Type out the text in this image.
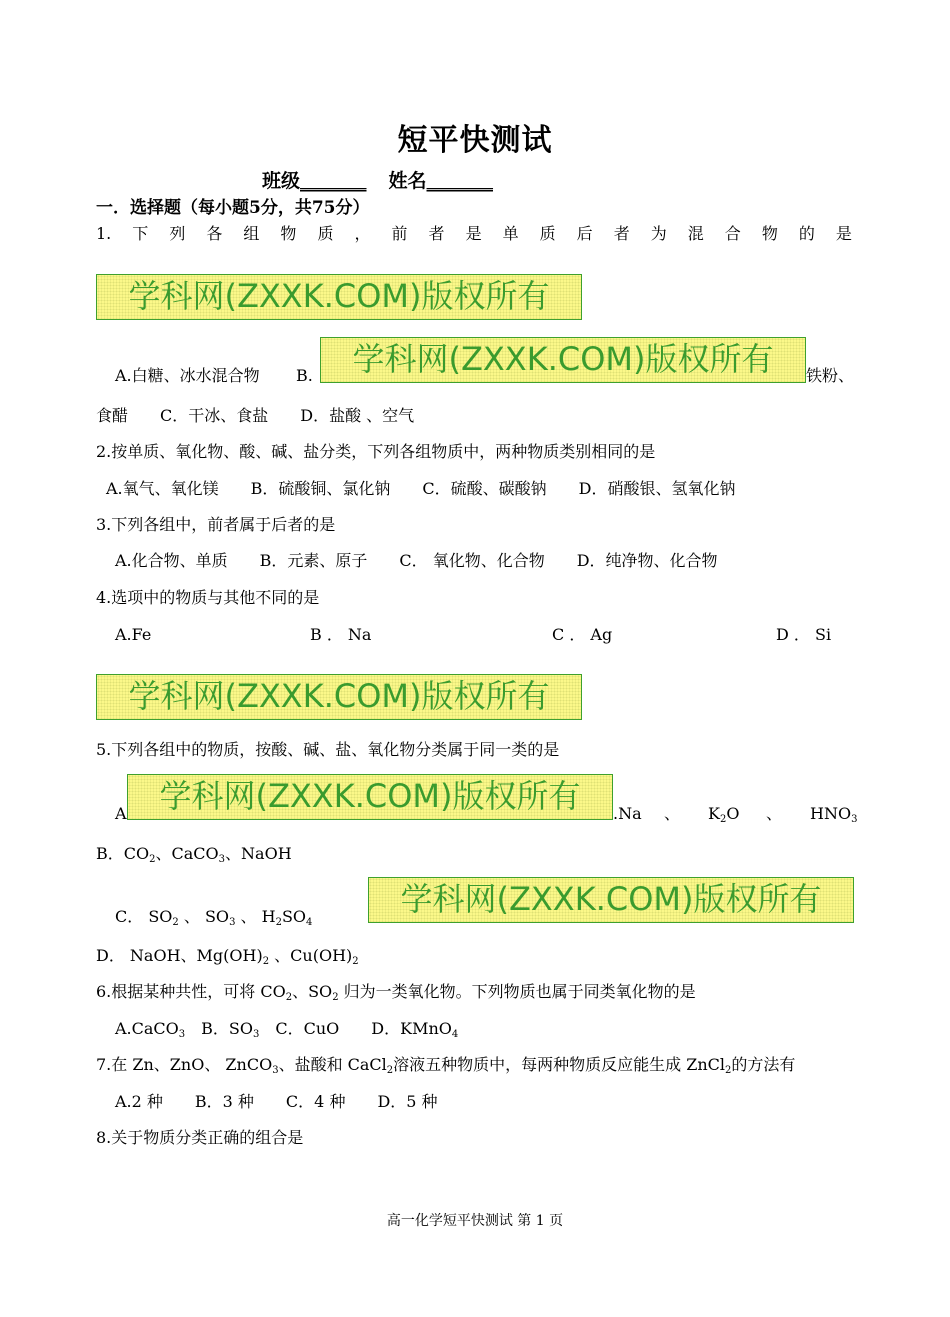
短平快测试
班级_______ 姓名_______
一．选择题（每小题5分，共75分）
1. 下 列 各 组 物 质 ， 前 者 是 单 质 后 者 为 混 合 物 的 是
学科网(ZXXK.COM)版权所有
A.白糖、冰水混合物 B.	学科网(ZXXK.COM)版权所有	铁粉、
食醋　　C．干冰、食盐　　D．盐酸 、空气
2.按单质、氧化物、酸、碱、盐分类，下列各组物质中，两种物质类别相同的是
A.氧气、氧化镁　　B．硫酸铜、氯化钠　　C．硫酸、碳酸钠　　D．硝酸银、氢氧化钠
3.下列各组中，前者属于后者的是
A.化合物、单质　　B．元素、原子　　C． 氧化物、化合物　　D．纯净物、化合物
4.选项中的物质与其他不同的是
A.Fe	B ． Na	C ． Ag	D ． Si
学科网(ZXXK.COM)版权所有
5.下列各组中的物质，按酸、碱、盐、氧化物分类属于同一类的是
A	学科网(ZXXK.COM)版权所有	.Na 、 $K_2O$ 、 $HNO_3$
B．$CO_2$、CaCO$_3$、NaOH
C． $SO_2$ 、 $SO_3$ 、 $H_2SO_4$
学科网(ZXXK.COM)版权所有
D． NaOH、$Mg(OH)_2$ 、$Cu(OH)_2$
6.根据某种共性，可将 $CO_2$、$SO_2$ 归为一类氧化物。下列物质也属于同类氧化物的是
A.CaCO$_3$　B．$SO_3$　C．CuO　　D．KMnO$_4$
7.在 Zn、ZnO、 ZnCO$_3$、盐酸和 CaCl$_2$溶液五种物质中，每两种物质反应能生成 ZnCl$_2$的方法有
A.2 种　　B．3 种　　C．4 种　　D．5 种
8.关于物质分类正确的组合是
高一化学短平快测试 第 1 页
